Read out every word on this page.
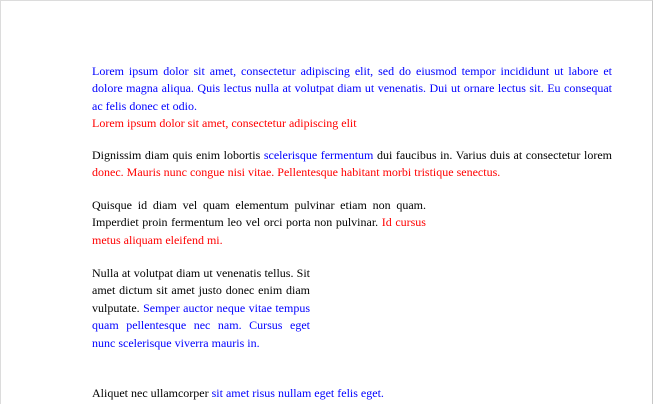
Lorem ipsum dolor sit amet, consectetur adipiscing elit, sed do eiusmod tempor incididunt ut labore et dolore magna aliqua. Quis lectus nulla at volutpat diam ut venenatis. Dui ut ornare lectus sit. Eu consequat ac felis donec et odio.
Lorem ipsum dolor sit amet, consectetur adipiscing elit
Dignissim diam quis enim lobortis scelerisque fermentum dui faucibus in. Varius duis at consectetur lorem donec. Mauris nunc congue nisi vitae. Pellentesque habitant morbi tristique senectus.
Quisque id diam vel quam elementum pulvinar etiam non quam. Imperdiet proin fermentum leo vel orci porta non pulvinar. Id cursus metus aliquam eleifend mi.
Nulla at volutpat diam ut venenatis tellus. Sit amet dictum sit amet justo donec enim diam vulputate. Semper auctor neque vitae tempus quam pellentesque nec nam. Cursus eget nunc scelerisque viverra mauris in.
Aliquet nec ullamcorper sit amet risus nullam eget felis eget.
